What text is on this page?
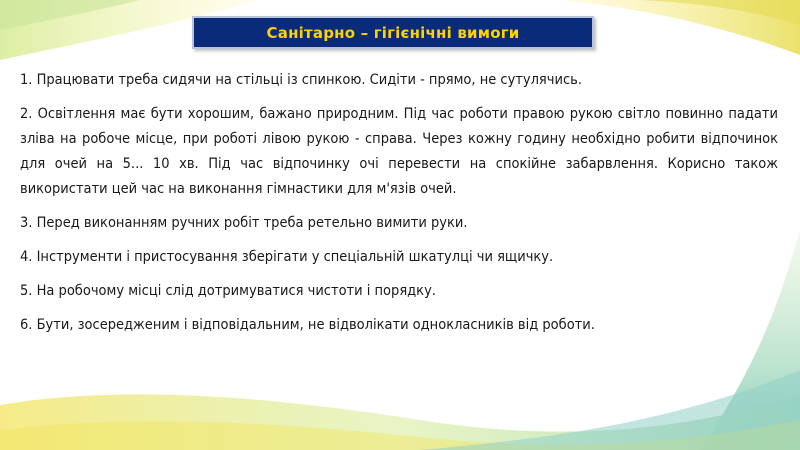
Санітарно – гігієнічні вимоги

1. Працювати треба сидячи на стільці із спинкою. Сидіти - прямо, не сутулячись.

2. Освітлення має бути хорошим, бажано природним. Під час роботи правою рукою світло повинно падати зліва на робоче місце, при роботі лівою рукою - справа. Через кожну годину необхідно робити відпочинок для очей на 5... 10 хв. Під час відпочинку очі перевести на спокійне забарвлення. Корисно також використати цей час на виконання гімнастики для м'язів очей.

3. Перед виконанням ручних робіт треба ретельно вимити руки.

4. Інструменти і пристосування зберігати у спеціальній шкатулці чи ящичку.

5. На робочому місці слід дотримуватися чистоти і порядку.

6. Бути, зосередженим і відповідальним, не відволікати однокласників від роботи.
